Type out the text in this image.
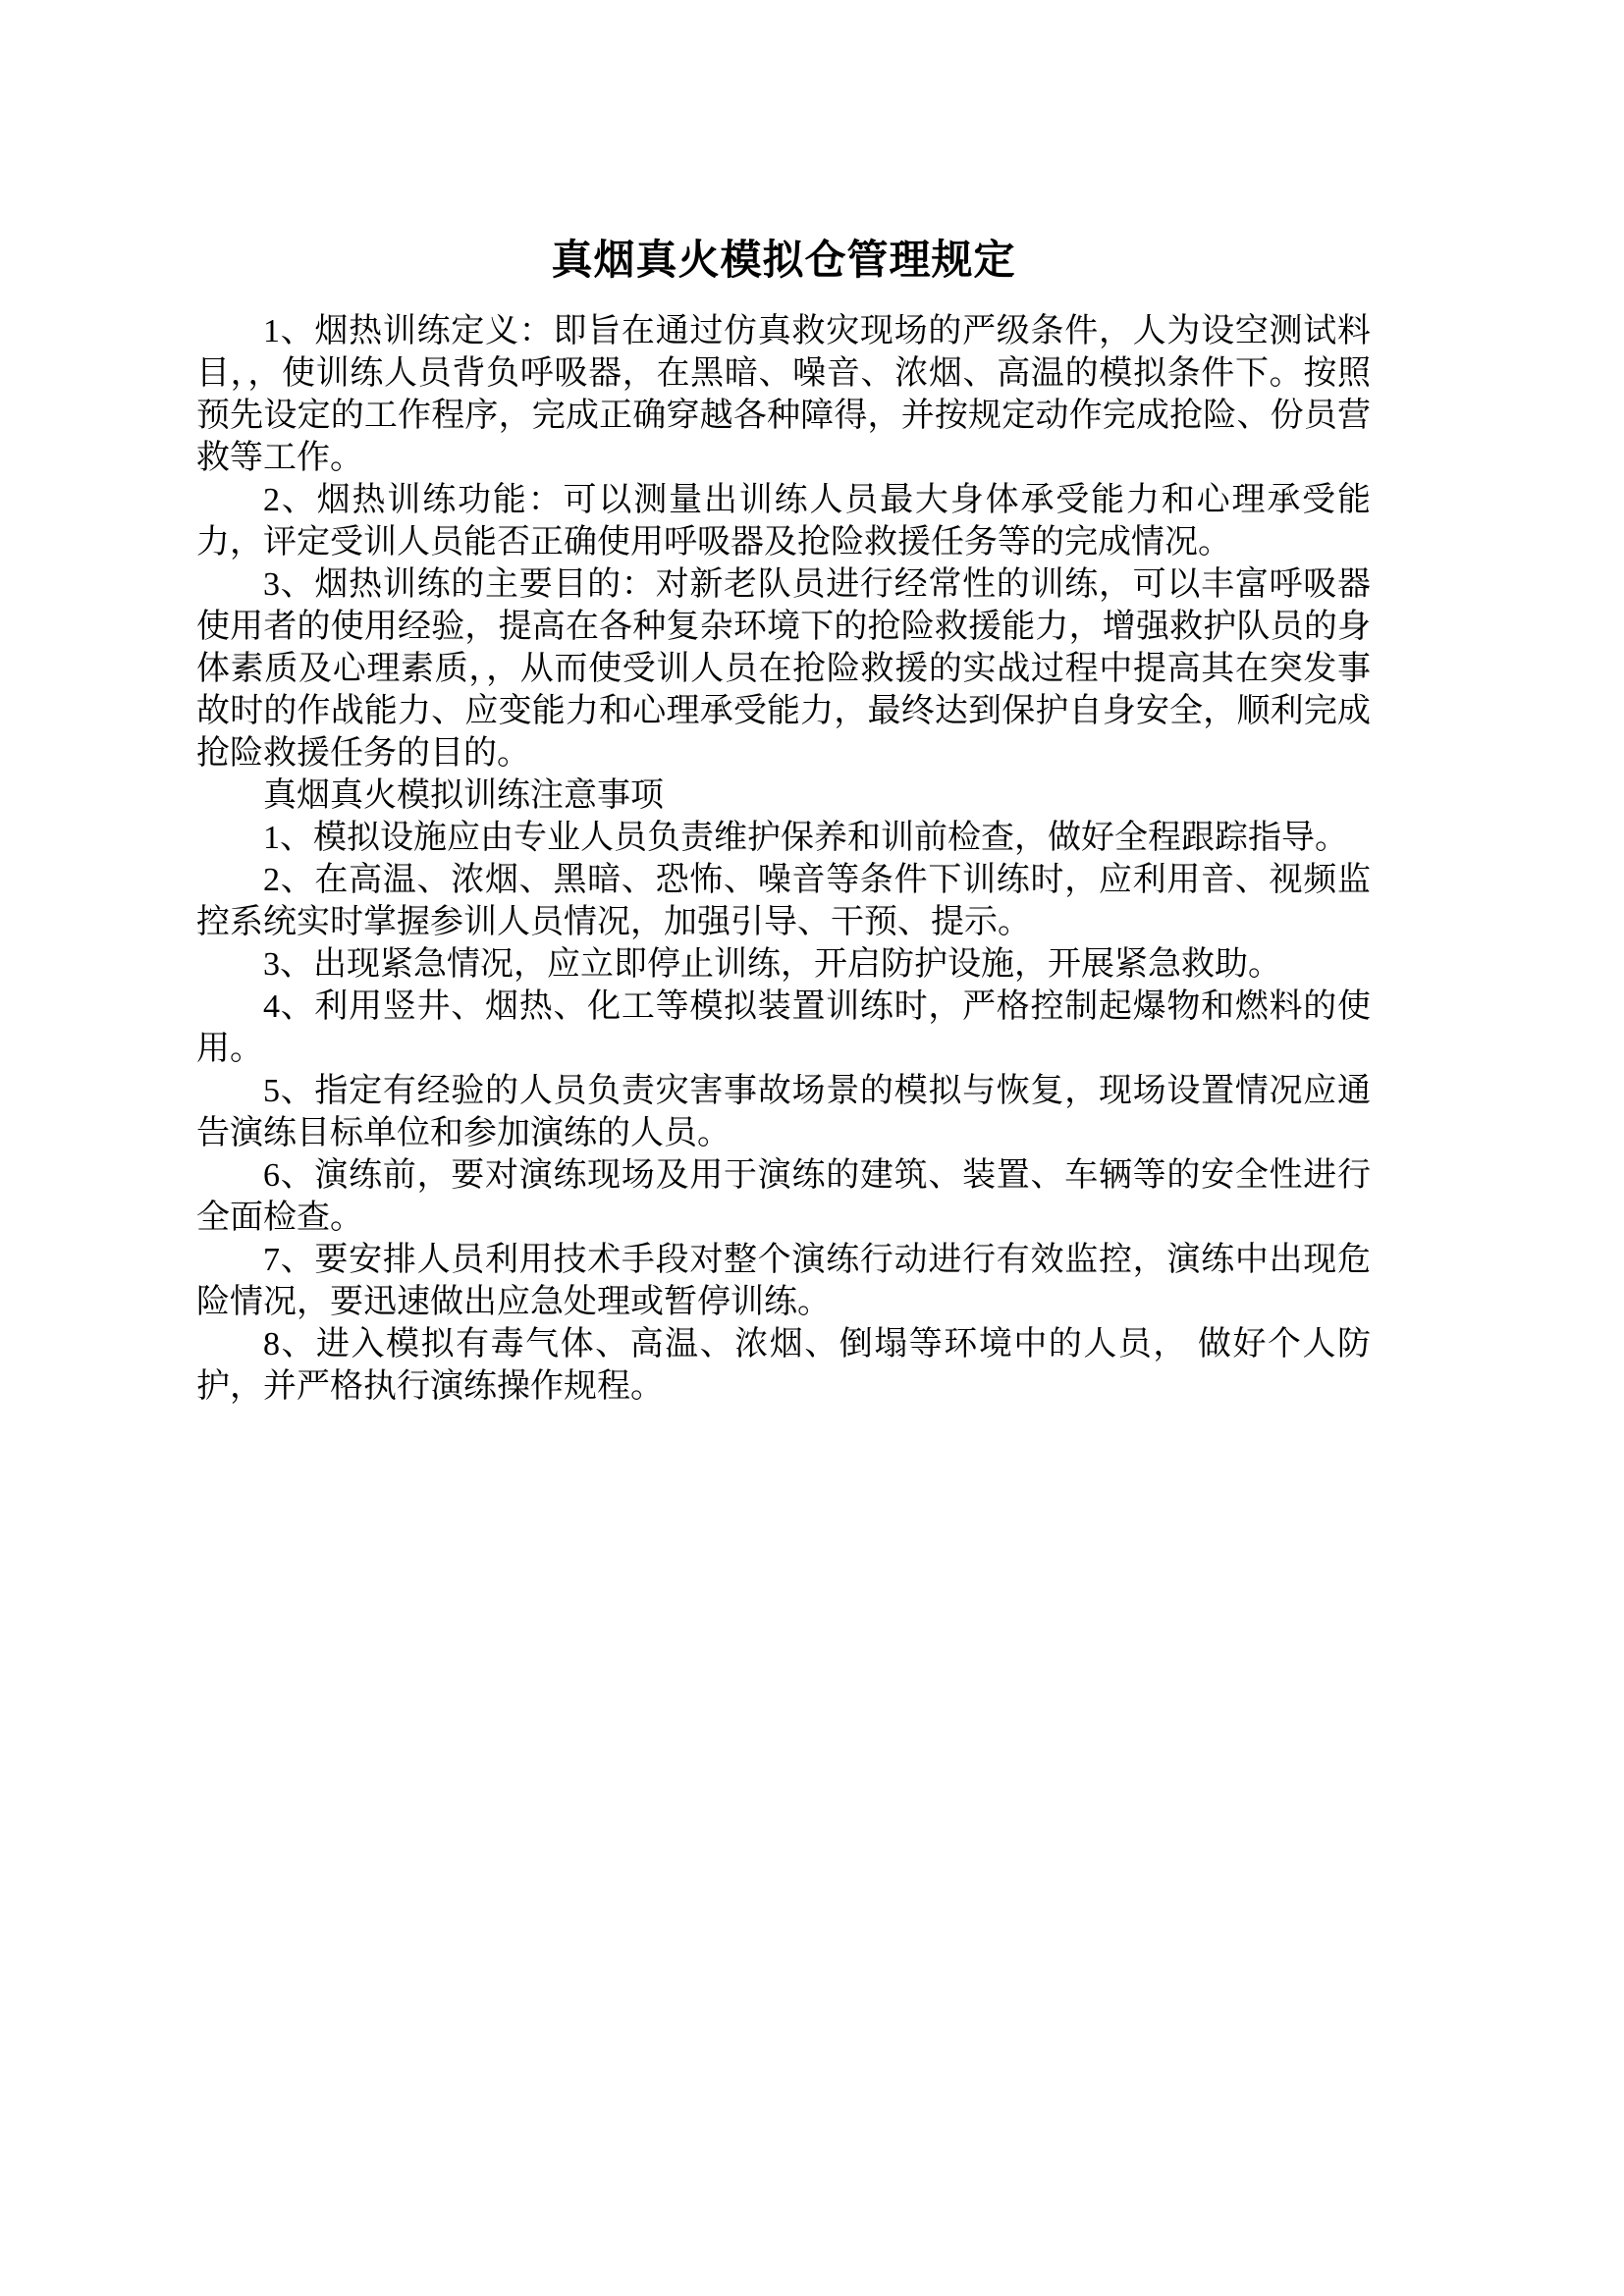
真烟真火模拟仓管理规定

1、烟热训练定义：即旨在通过仿真救灾现场的严级条件，人为设空测试料目，，使训练人员背负呼吸器，在黑暗、噪音、浓烟、高温的模拟条件下。按照预先设定的工作程序，完成正确穿越各种障得，并按规定动作完成抢险、份员营救等工作。

2、烟热训练功能：可以测量出训练人员最大身体承受能力和心理承受能力，评定受训人员能否正确使用呼吸器及抢险救援任务等的完成情况。

3、烟热训练的主要目的：对新老队员进行经常性的训练，可以丰富呼吸器使用者的使用经验，提高在各种复杂环境下的抢险救援能力，增强救护队员的身体素质及心理素质，，从而使受训人员在抢险救援的实战过程中提高其在突发事故时的作战能力、应变能力和心理承受能力，最终达到保护自身安全，顺利完成抢险救援任务的目的。

真烟真火模拟训练注意事项

1、模拟设施应由专业人员负责维护保养和训前检查，做好全程跟踪指导。

2、在高温、浓烟、黑暗、恐怖、噪音等条件下训练时，应利用音、视频监控系统实时掌握参训人员情况，加强引导、干预、提示。

3、出现紧急情况，应立即停止训练，开启防护设施，开展紧急救助。

4、利用竖井、烟热、化工等模拟装置训练时，严格控制起爆物和燃料的使用。

5、指定有经验的人员负责灾害事故场景的模拟与恢复，现场设置情况应通告演练目标单位和参加演练的人员。

6、演练前，要对演练现场及用于演练的建筑、装置、车辆等的安全性进行全面检查。

7、要安排人员利用技术手段对整个演练行动进行有效监控，演练中出现危险情况，要迅速做出应急处理或暂停训练。

8、进入模拟有毒气体、高温、浓烟、倒塌等环境中的人员， 做好个人防护，并严格执行演练操作规程。
